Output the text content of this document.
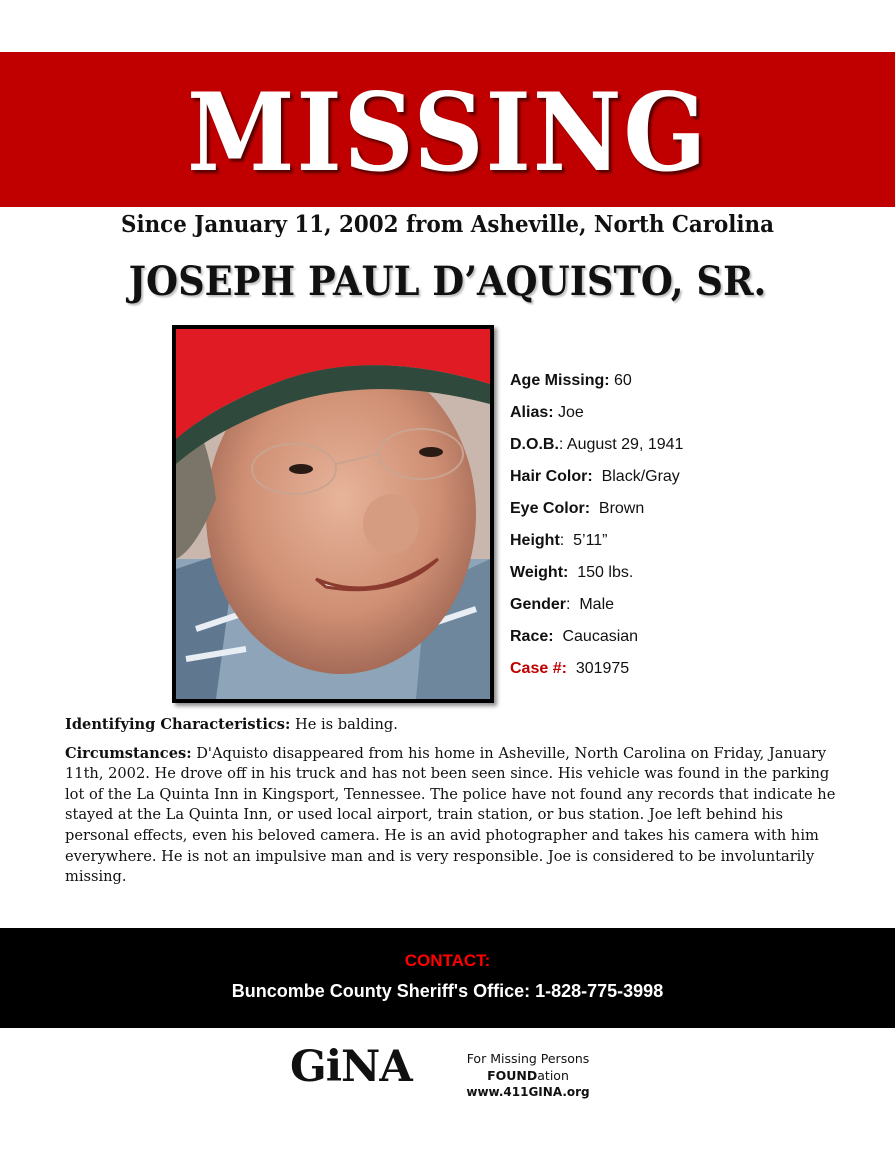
MISSING
Since January 11, 2002 from Asheville, North Carolina
JOSEPH PAUL D’AQUISTO, SR.
Age Missing: 60
Alias: Joe
D.O.B.: August 29, 1941
Hair Color:  Black/Gray
Eye Color:  Brown
Height:  5’11”
Weight:  150 lbs.
Gender:  Male
Race:  Caucasian
Case #:  301975
Identifying Characteristics: He is balding.
Circumstances: D'Aquisto disappeared from his home in Asheville, North Carolina on Friday, January 11th, 2002. He drove off in his truck and has not been seen since. His vehicle was found in the parking lot of the La Quinta Inn in Kingsport, Tennessee. The police have not found any records that indicate he stayed at the La Quinta Inn, or used local airport, train station, or bus station. Joe left behind his personal effects, even his beloved camera. He is an avid photographer and takes his camera with him everywhere. He is not an impulsive man and is very responsible. Joe is considered to be involuntarily missing.
CONTACT:
Buncombe County Sheriff's Office: 1-828-775-3998
GiNA	For Missing Persons FOUNDation
www.411GINA.org
